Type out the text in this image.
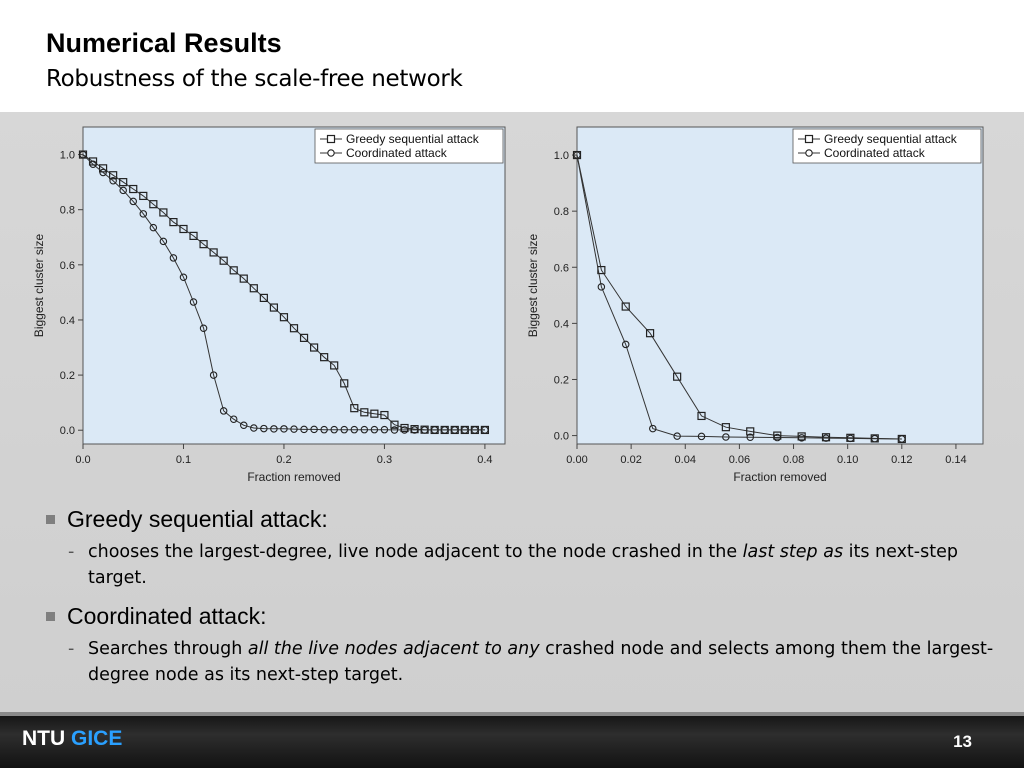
Numerical Results
Robustness of the scale-free network
0.0	0.1	0.2	0.3	0.4
0.0
0.2
0.4
0.6
0.8
1.0
Fraction removed
Biggest cluster size
Greedy sequential attack
Coordinated attack
0.00	0.02	0.04	0.06	0.08	0.10	0.12	0.14
0.0
0.2
0.4
0.6
0.8
1.0
Fraction removed
Biggest cluster size
Greedy sequential attack
Coordinated attack
Greedy sequential attack:
- chooses the largest-degree, live node adjacent to the node crashed in the last step as its next-step target.
Coordinated attack:
- Searches through all the live nodes adjacent to any crashed node and selects among them the largest-degree node as its next-step target.
NTU GICE	13
